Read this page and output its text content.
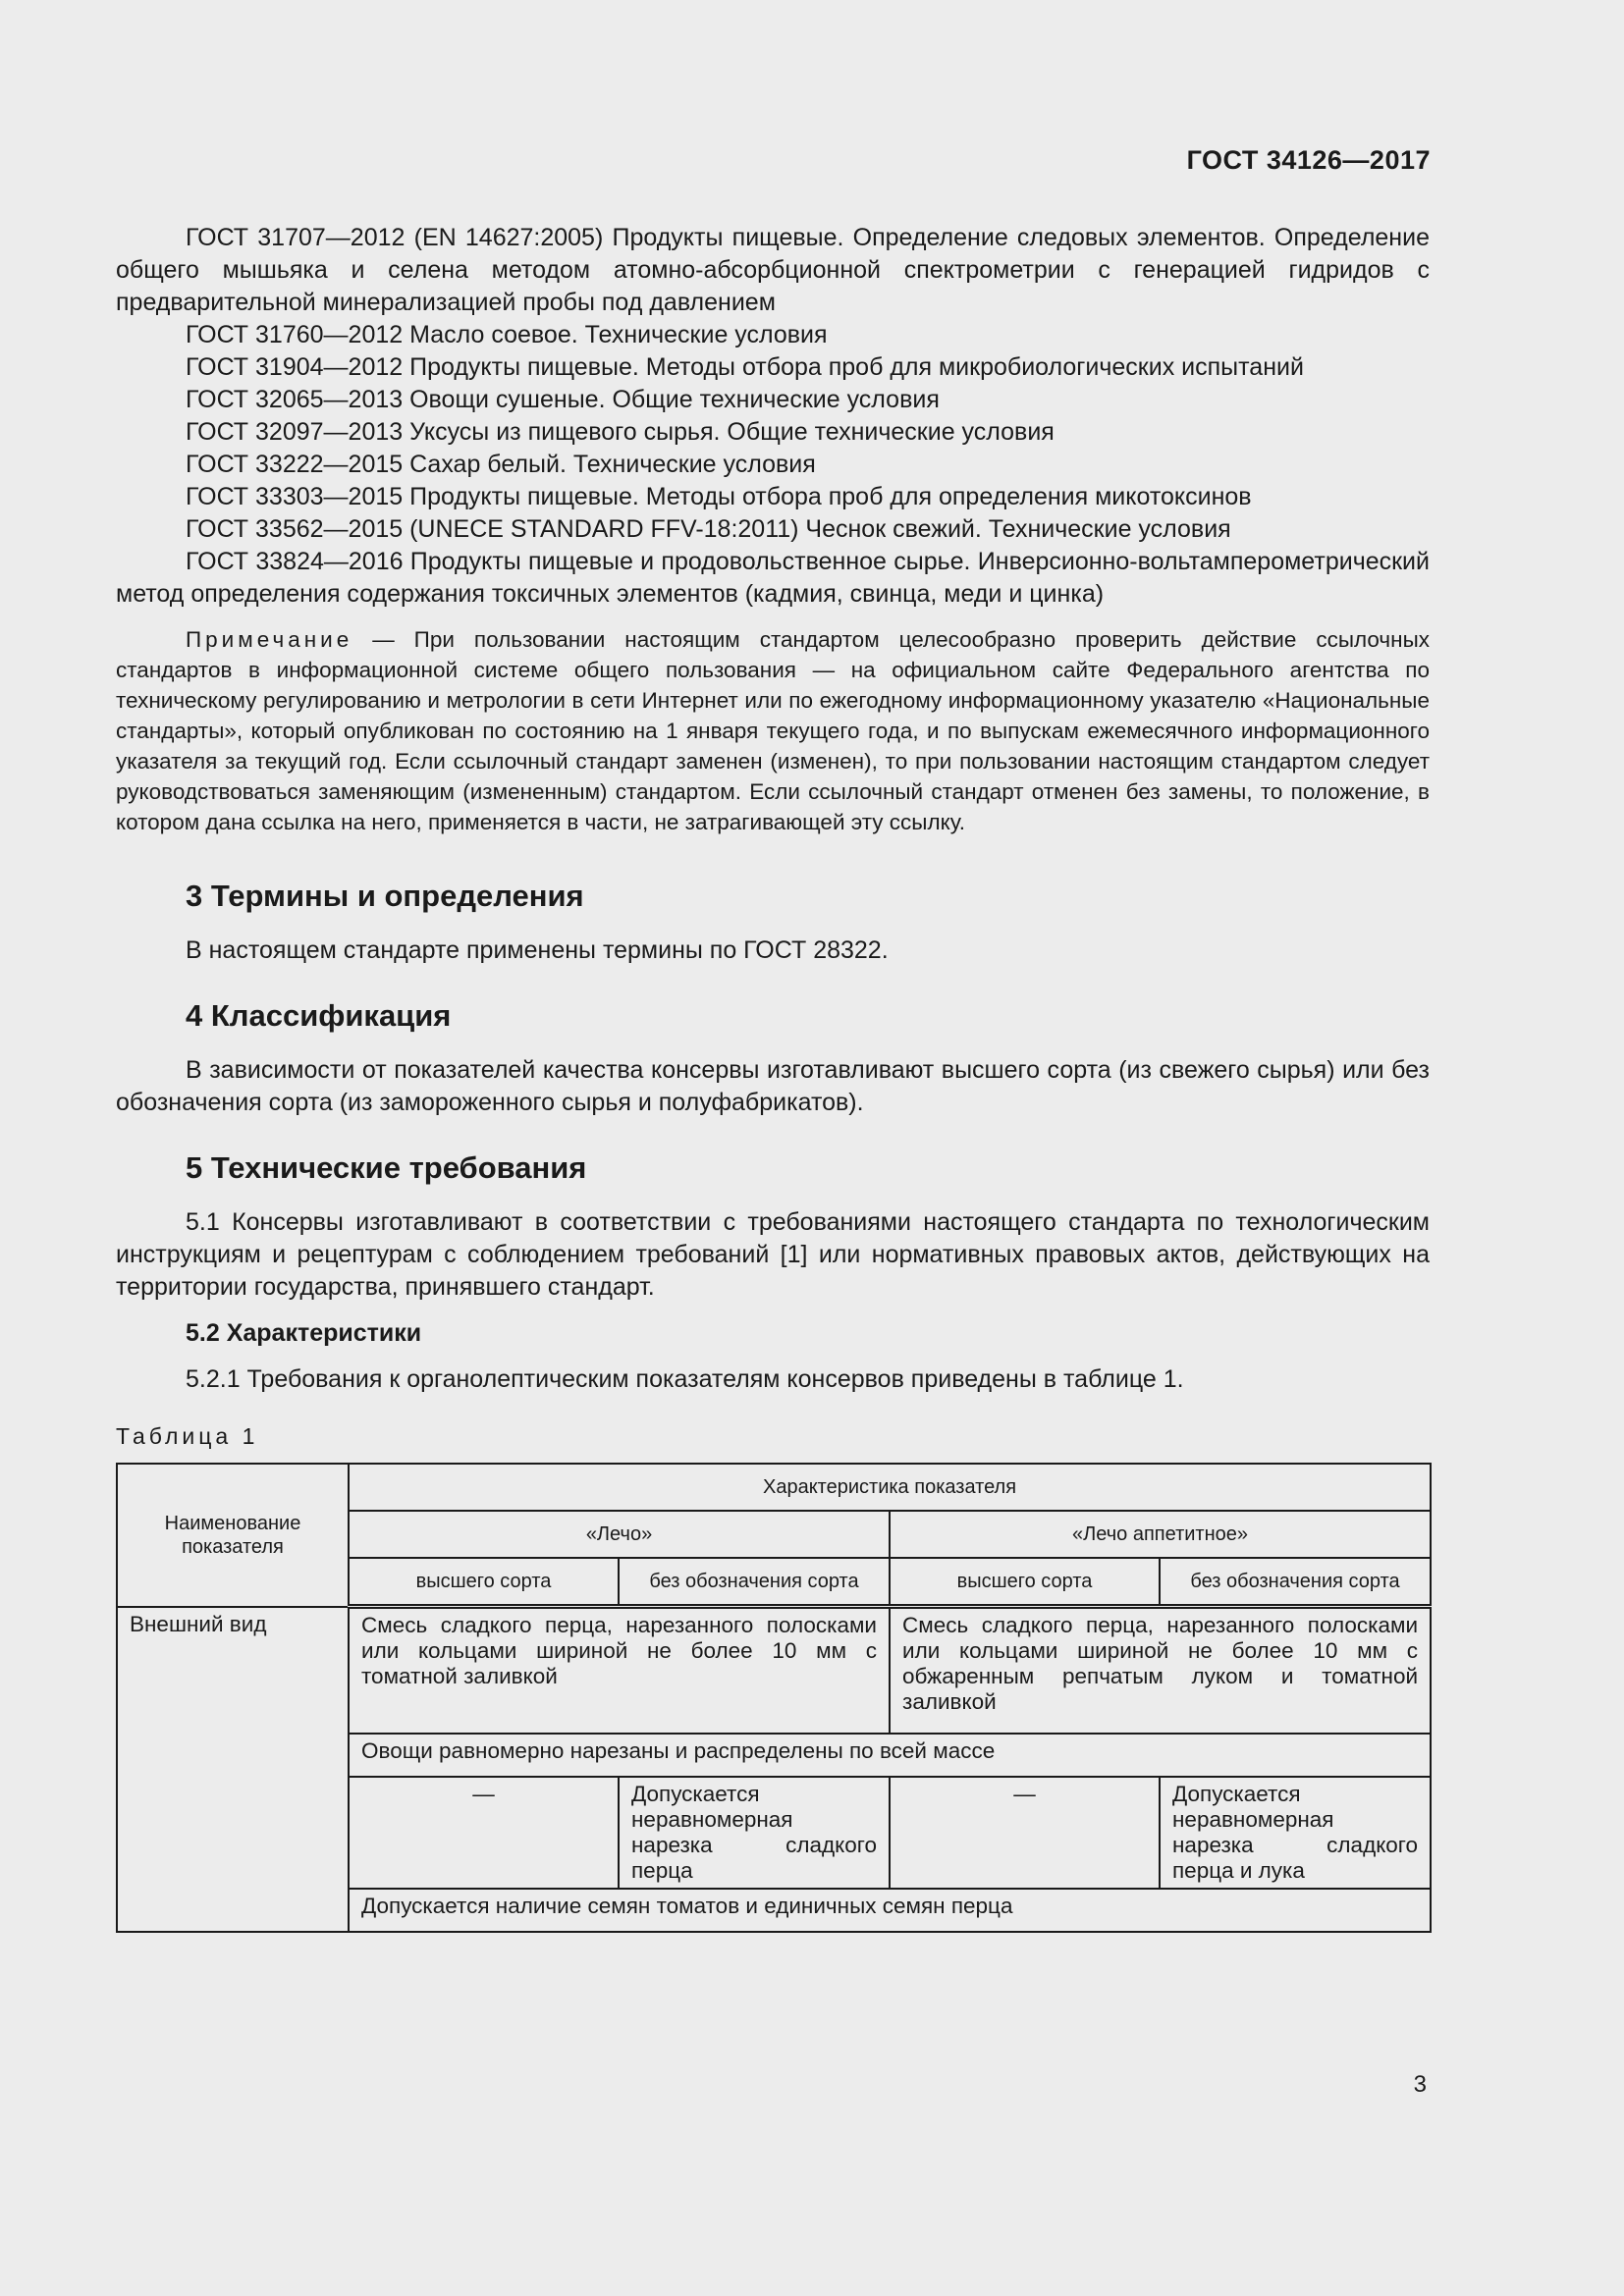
ГОСТ 34126—2017

ГОСТ 31707—2012 (EN 14627:2005) Продукты пищевые. Определение следовых элементов. Определение общего мышьяка и селена методом атомно-абсорбционной спектрометрии с генерацией гидридов с предварительной минерализацией пробы под давлением

ГОСТ 31760—2012 Масло соевое. Технические условия

ГОСТ 31904—2012 Продукты пищевые. Методы отбора проб для микробиологических испытаний

ГОСТ 32065—2013 Овощи сушеные. Общие технические условия

ГОСТ 32097—2013 Уксусы из пищевого сырья. Общие технические условия

ГОСТ 33222—2015 Сахар белый. Технические условия

ГОСТ 33303—2015 Продукты пищевые. Методы отбора проб для определения микотоксинов

ГОСТ 33562—2015 (UNECE STANDARD FFV-18:2011) Чеснок свежий. Технические условия

ГОСТ 33824—2016 Продукты пищевые и продовольственное сырье. Инверсионно-вольтампеpометрический метод определения содержания токсичных элементов (кадмия, свинца, меди и цинка)

Примечание — При пользовании настоящим стандартом целесообразно проверить действие ссылочных стандартов в информационной системе общего пользования — на официальном сайте Федерального агентства по техническому регулированию и метрологии в сети Интернет или по ежегодному информационному указателю «Национальные стандарты», который опубликован по состоянию на 1 января текущего года, и по выпускам ежемесячного информационного указателя за текущий год. Если ссылочный стандарт заменен (изменен), то при пользовании настоящим стандартом следует руководствоваться заменяющим (измененным) стандартом. Если ссылочный стандарт отменен без замены, то положение, в котором дана ссылка на него, применяется в части, не затрагивающей эту ссылку.

3 Термины и определения

В настоящем стандарте применены термины по ГОСТ 28322.

4 Классификация

В зависимости от показателей качества консервы изготавливают высшего сорта (из свежего сырья) или без обозначения сорта (из замороженного сырья и полуфабрикатов).

5 Технические требования

5.1 Консервы изготавливают в соответствии с требованиями настоящего стандарта по технологическим инструкциям и рецептурам с соблюдением требований [1] или нормативных правовых актов, действующих на территории государства, принявшего стандарт.

5.2 Характеристики

5.2.1 Требования к органолептическим показателям консервов приведены в таблице 1.

Таблица 1
Наименование показателя	Характеристика показателя			
	«Лечо»		«Лечо аппетитное»	
	высшего сорта	без обозначения сорта	высшего сорта	без обозначения сорта
Внешний вид	Смесь сладкого перца, нарезанного полосками или кольцами шириной не более 10 мм с томатной заливкой		Смесь сладкого перца, нарезанного полосками или кольцами шириной не более 10 мм с обжаренным репчатым луком и томатной заливкой	
	Овощи равномерно нарезаны и распределены по всей массе			
	—	Допускается неравномерная нарезка сладкого перца	—	Допускается неравномерная нарезка сладкого перца и лука
	Допускается наличие семян томатов и единичных семян перца			
3
